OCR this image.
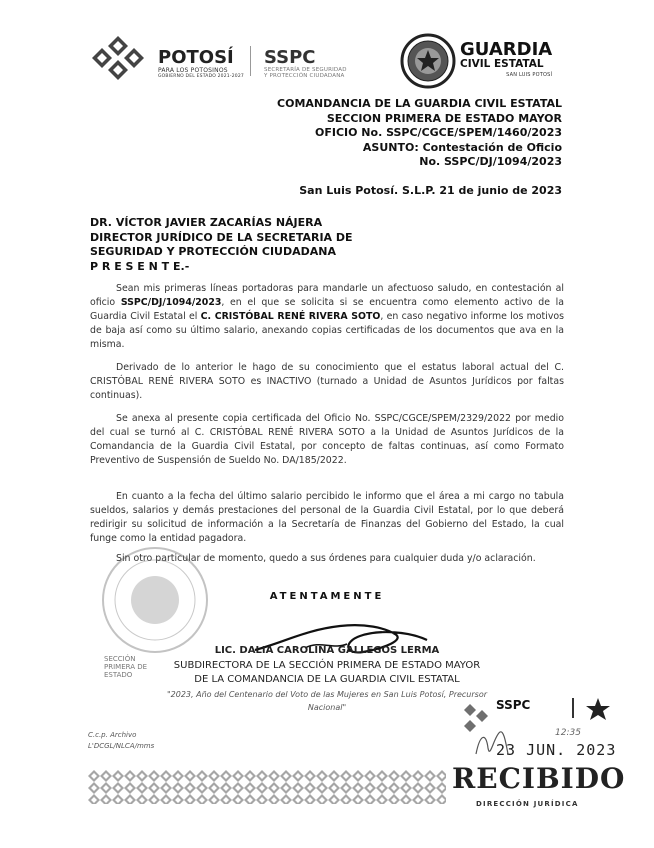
POTOSÍ
PARA LOS POTOSINOS
GOBIERNO DEL ESTADO 2021-2027
SSPC
SECRETARÍA DE SEGURIDAD
Y PROTECCIÓN CIUDADANA
GUARDIA
CIVIL ESTATAL
SAN LUIS POTOSÍ
COMANDANCIA DE LA GUARDIA CIVIL ESTATAL
SECCION PRIMERA DE ESTADO MAYOR
OFICIO No. SSPC/CGCE/SPEM/1460/2023
ASUNTO: Contestación de Oficio
No. SSPC/DJ/1094/2023
San Luis Potosí. S.L.P. 21 de junio de 2023
DR. VÍCTOR JAVIER ZACARÍAS NÁJERA
DIRECTOR JURÍDICO DE LA SECRETARIA DE
SEGURIDAD Y PROTECCIÓN CIUDADANA
P R E S E N T E.-

Sean mis primeras líneas portadoras para mandarle un afectuoso saludo, en contestación al oficio SSPC/DJ/1094/2023, en el que se solicita si se encuentra como elemento activo de la Guardia Civil Estatal el C. CRISTÓBAL RENÉ RIVERA SOTO, en caso negativo informe los motivos de baja así como su último salario, anexando copias certificadas de los documentos que ava en la misma.

Derivado de lo anterior le hago de su conocimiento que el estatus laboral actual del C. CRISTÓBAL RENÉ RIVERA SOTO es INACTIVO (turnado a Unidad de Asuntos Jurídicos por faltas continuas).

Se anexa al presente copia certificada del Oficio No. SSPC/CGCE/SPEM/2329/2022 por medio del cual se turnó al C. CRISTÓBAL RENÉ RIVERA SOTO a la Unidad de Asuntos Jurídicos de la Comandancia de la Guardia Civil Estatal, por concepto de faltas continuas, así como Formato Preventivo de Suspensión de Sueldo No. DA/185/2022.

En cuanto a la fecha del último salario percibido le informo que el área a mi cargo no tabula sueldos, salarios y demás prestaciones del personal de la Guardia Civil Estatal, por lo que deberá redirigir su solicitud de información a la Secretaría de Finanzas del Gobierno del Estado, la cual funge como la entidad pagadora.

Sin otro particular de momento, quedo a sus órdenes para cualquier duda y/o aclaración.

ATENTAMENTE
LIC. DALIA CAROLINA GALLEGOS LERMA
SECCIÓN PRIMERA DE ESTADO
SUBDIRECTORA DE LA SECCIÓN PRIMERA DE ESTADO MAYOR
DE LA COMANDANCIA DE LA GUARDIA CIVIL ESTATAL
"2023, Año del Centenario del Voto de las Mujeres en San Luis Potosí, Precursor
Nacional"
C.c.p. Archivo
L'DCGL/NLCA/mms
SSPC
12:35
23 JUN. 2023
RECIBIDO
DIRECCIÓN JURÍDICA
